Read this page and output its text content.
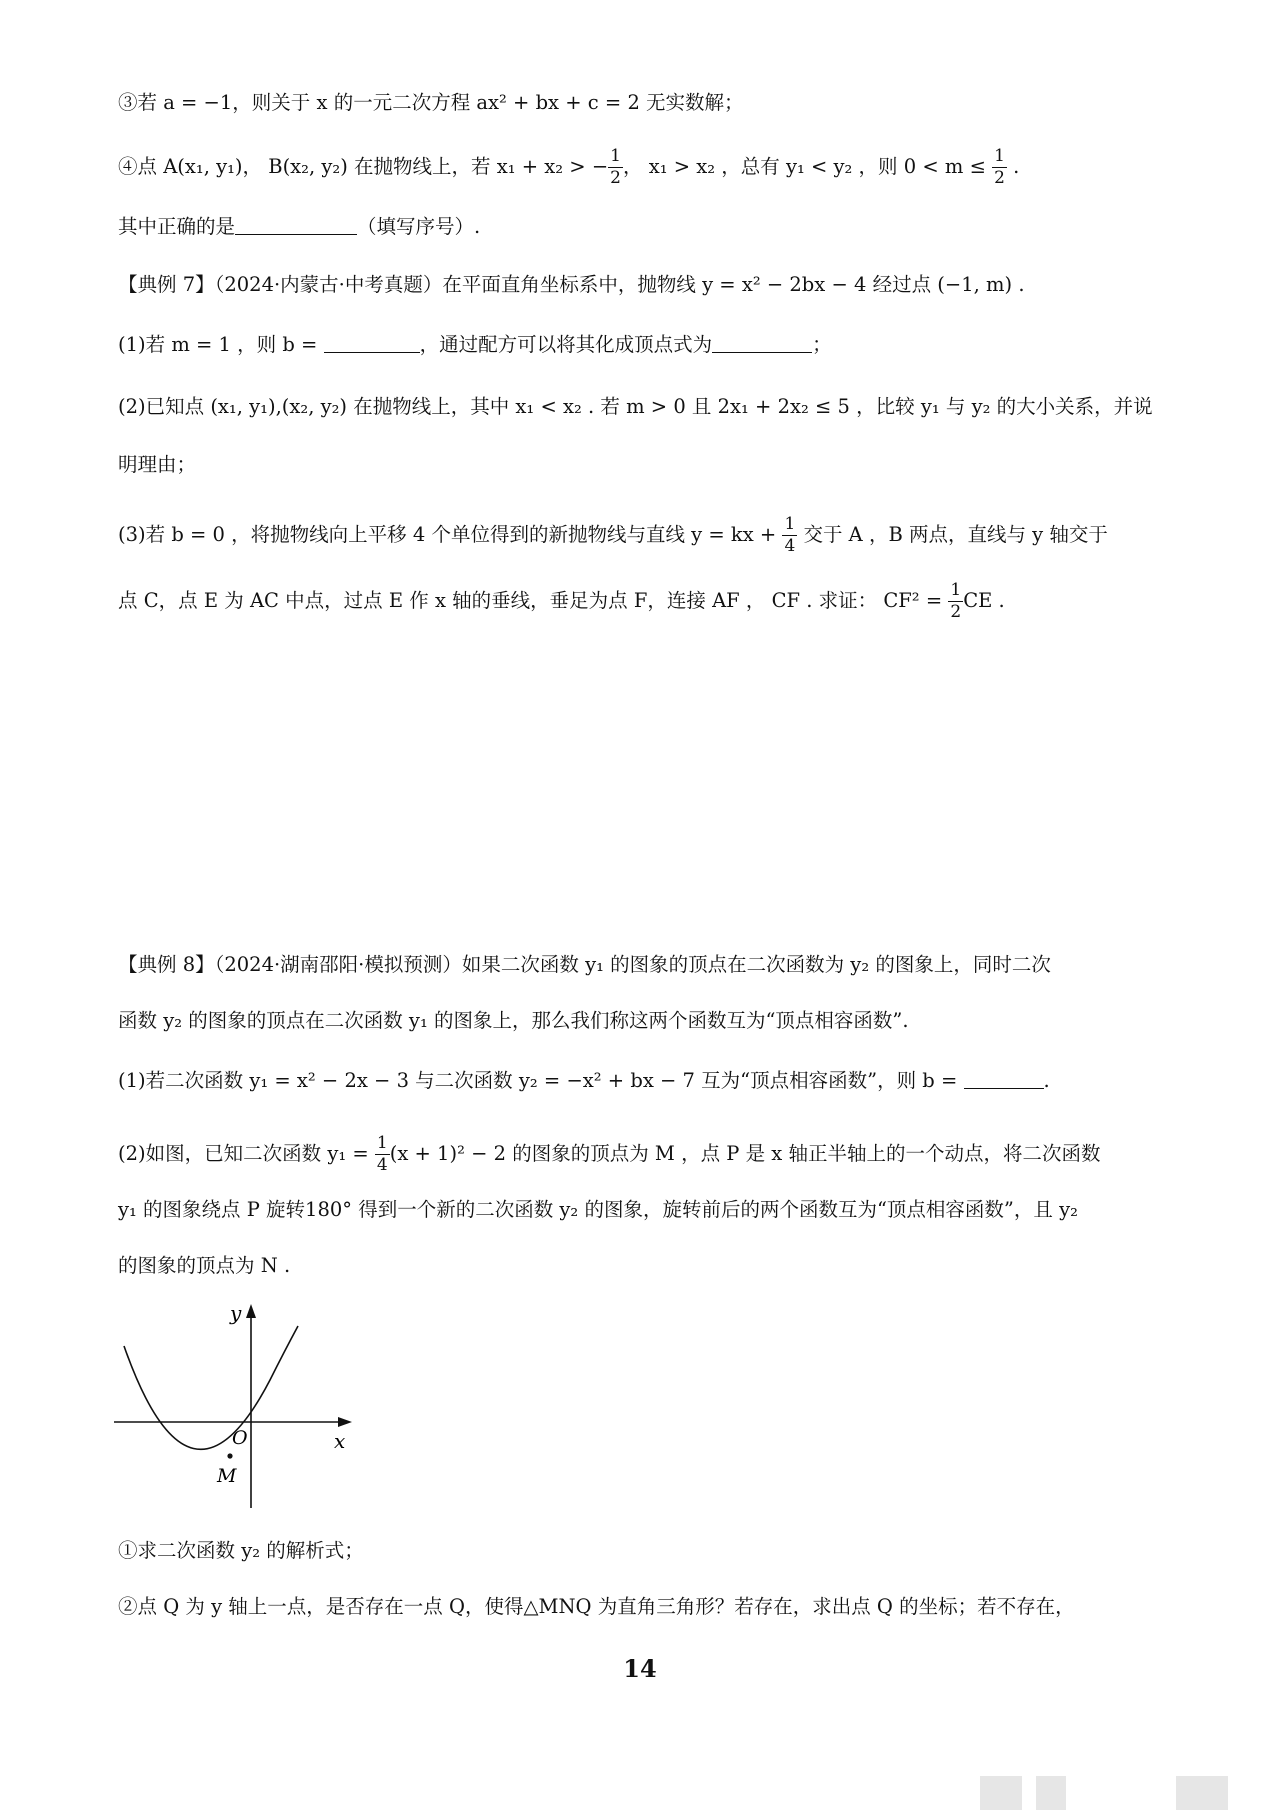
③若 a = −1，则关于 x 的一元二次方程 ax² + bx + c = 2 无实数解；
④点 A(x₁, y₁)， B(x₂, y₂) 在抛物线上，若 x₁ + x₂ > − $\frac{1}{2}$ ， x₁ > x₂ ，总有 y₁ < y₂ ，则 $0 < m \le \frac{1}{2}$ .
其中正确的是	（填写序号）.
【典例 7】（2024·内蒙古·中考真题）在平面直角坐标系中，抛物线 y = x² − 2bx − 4 经过点 (−1, m) .
(1)若 m = 1 ，则 b =	，通过配方可以将其化成顶点式为	；
(2)已知点 (x₁, y₁),(x₂, y₂) 在抛物线上，其中 x₁ < x₂ . 若 m > 0 且 2x₁ + 2x₂ ≤ 5 ，比较 y₁ 与 y₂ 的大小关系，并说
明理由；
(3)若 b = 0 ，将抛物线向上平移 4 个单位得到的新抛物线与直线 y = kx + $\frac{1}{4}$ 交于 A ，B 两点，直线与 y 轴交于
点 C，点 E 为 AC 中点，过点 E 作 x 轴的垂线，垂足为点 F，连接 AF ， CF . 求证： $CF^2 = \frac{1}{2}$ CE .
【典例 8】（2024·湖南邵阳·模拟预测）如果二次函数 y₁ 的图象的顶点在二次函数为 y₂ 的图象上，同时二次
函数 y₂ 的图象的顶点在二次函数 y₁ 的图象上，那么我们称这两个函数互为“顶点相容函数”.
(1)若二次函数 y₁ = x² − 2x − 3 与二次函数 y₂ = −x² + bx − 7 互为“顶点相容函数”，则 b =	.
(2)如图，已知二次函数 $y_1 = \frac{1}{4} (x + 1)^2 - 2$ 的图象的顶点为 M ，点 P 是 x 轴正半轴上的一个动点，将二次函数
y₁ 的图象绕点 P 旋转180° 得到一个新的二次函数 y₂ 的图象，旋转前后的两个函数互为“顶点相容函数”，且 y₂
的图象的顶点为 N .
y
x
O
M
①求二次函数 y₂ 的解析式；
②点 Q 为 y 轴上一点，是否存在一点 Q，使得△MNQ 为直角三角形？若存在，求出点 Q 的坐标；若不存在，
14
